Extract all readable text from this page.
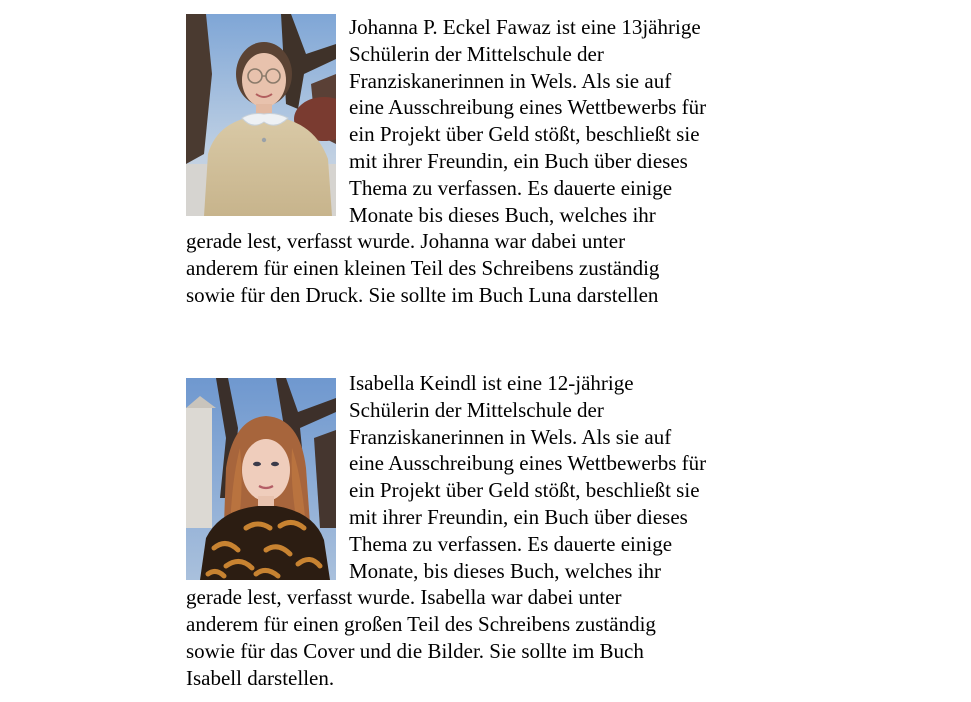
Johanna P. Eckel Fawaz ist eine 13jährige
Schülerin der Mittelschule der
Franziskanerinnen in Wels. Als sie auf
eine Ausschreibung eines Wettbewerbs für
ein Projekt über Geld stößt, beschließt sie
mit ihrer Freundin, ein Buch über dieses
Thema zu verfassen. Es dauerte einige
Monate bis dieses Buch, welches ihr
gerade lest, verfasst wurde. Johanna war dabei unter
anderem für einen kleinen Teil des Schreibens zuständig
sowie für den Druck. Sie sollte im Buch Luna darstellen
Isabella Keindl ist eine 12-jährige
Schülerin der Mittelschule der
Franziskanerinnen in Wels. Als sie auf
eine Ausschreibung eines Wettbewerbs für
ein Projekt über Geld stößt, beschließt sie
mit ihrer Freundin, ein Buch über dieses
Thema zu verfassen. Es dauerte einige
Monate, bis dieses Buch, welches ihr
gerade lest, verfasst wurde. Isabella war dabei unter
anderem für einen großen Teil des Schreibens zuständig
sowie für das Cover und die Bilder. Sie sollte im Buch
Isabell darstellen.
